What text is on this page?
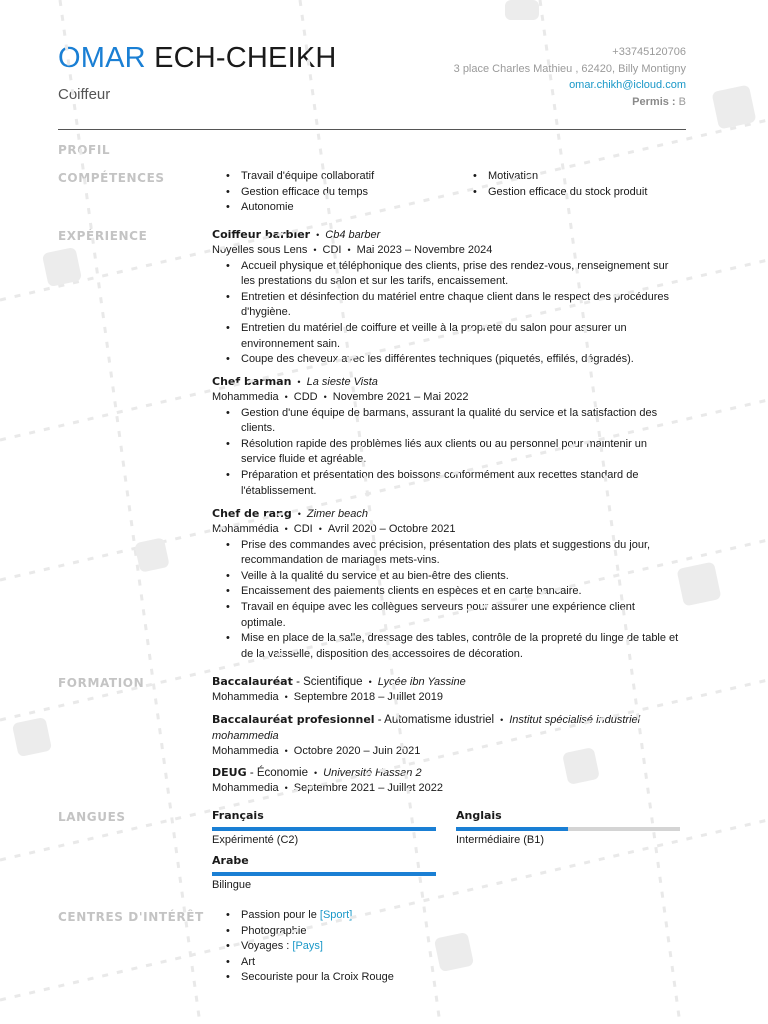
OMAR ECH-CHEIKH
Coiffeur
+33745120706
3 place Charles Mathieu , 62420, Billy Montigny
omar.chikh@icloud.com
Permis : B
PROFIL
COMPÉTENCES
EXPÉRIENCE
FORMATION
LANGUES
CENTRES D'INTÉRÊT
• Travail d'équipe collaboratif
• Gestion efficace du temps
• Autonomie
• Motivation
• Gestion efficace du stock produit
Coiffeur barbier • Cb4 barber
Noyelles sous Lens • CDI • Mai 2023 – Novembre 2024
• Accueil physique et téléphonique des clients, prise des rendez-vous, renseignement sur les prestations du salon et sur les tarifs, encaissement.
• Entretien et désinfection du matériel entre chaque client dans le respect des procédures d'hygiène.
• Entretien du matériel de coiffure et veille à la propreté du salon pour assurer un environnement sain.
• Coupe des cheveux avec les différentes techniques (piquetés, effilés, dégradés).
Chef barman • La sieste Vista
Mohammedia • CDD • Novembre 2021 – Mai 2022
• Gestion d'une équipe de barmans, assurant la qualité du service et la satisfaction des clients.
• Résolution rapide des problèmes liés aux clients ou au personnel pour maintenir un service fluide et agréable.
• Préparation et présentation des boissons conformément aux recettes standard de l'établissement.
Chef de rang • Zimer beach
Mohammédia • CDI • Avril 2020 – Octobre 2021
• Prise des commandes avec précision, présentation des plats et suggestions du jour, recommandation de mariages mets-vins.
• Veille à la qualité du service et au bien-être des clients.
• Encaissement des paiements clients en espèces et en carte bancaire.
• Travail en équipe avec les collègues serveurs pour assurer une expérience client optimale.
• Mise en place de la salle, dressage des tables, contrôle de la propreté du linge de table et de la vaisselle, disposition des accessoires de décoration.
Baccalauréat - Scientifique • Lycée ibn Yassine
Mohammedia • Septembre 2018 – Juillet 2019
Baccalauréat profesionnel - Automatisme idustriel • Institut spécialisé industriel
mohammedia
Mohammedia • Octobre 2020 – Juin 2021
DEUG - Économie • Université Hassan 2
Mohammedia • Septembre 2021 – Juillet 2022
Français
Expérimenté (C2)
Anglais
Intermédiaire (B1)
Arabe
Bilingue
• Passion pour le [Sport]
• Photographie
• Voyages : [Pays]
• Art
• Secouriste pour la Croix Rouge
